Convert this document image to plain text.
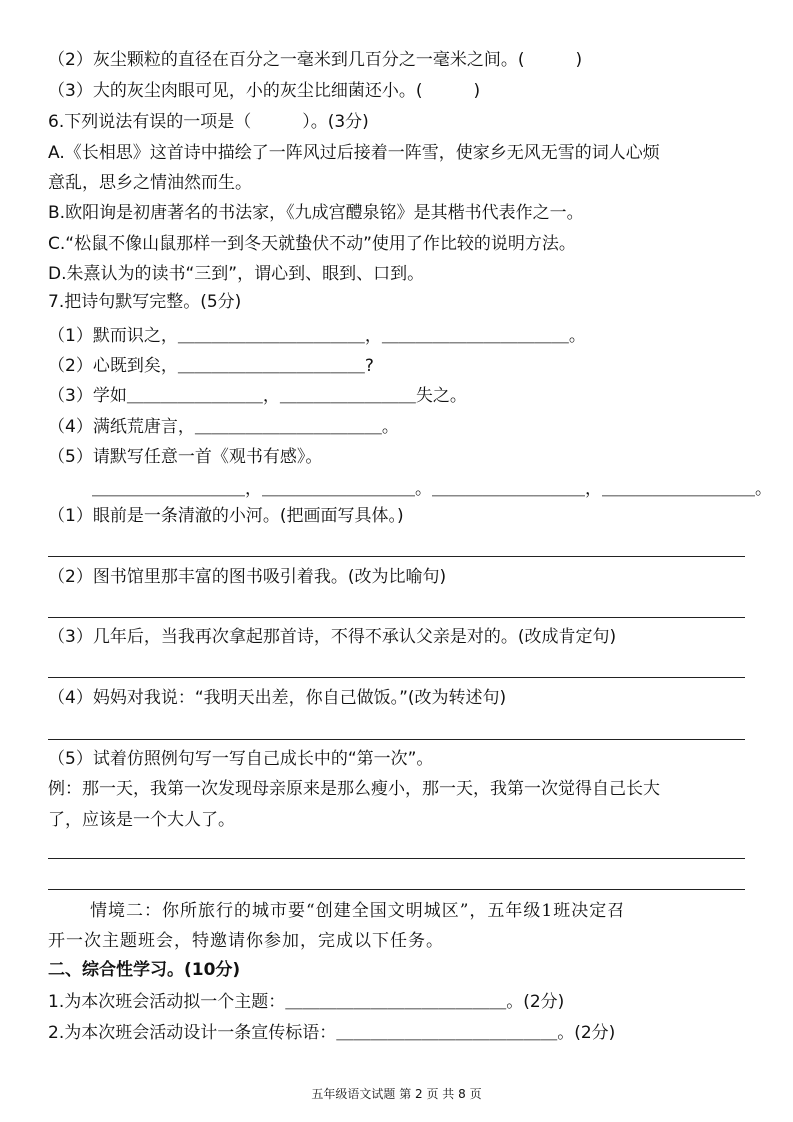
（2）灰尘颗粒的直径在百分之一毫米到几百分之一毫米之间。(　　　)
（3）大的灰尘肉眼可见，小的灰尘比细菌还小。(　　　)
6.下列说法有误的一项是（　　　）。(3分)
A.《长相思》这首诗中描绘了一阵风过后接着一阵雪，使家乡无风无雪的词人心烦
意乱，思乡之情油然而生。
B.欧阳询是初唐著名的书法家，《九成宫醴泉铭》是其楷书代表作之一。
C.“松鼠不像山鼠那样一到冬天就蛰伏不动”使用了作比较的说明方法。
D.朱熹认为的读书“三到”，谓心到、眼到、口到。
7.把诗句默写完整。(5分)
（1）默而识之，＿＿＿＿＿＿＿＿＿＿＿，＿＿＿＿＿＿＿＿＿＿＿。
（2）心既到矣，＿＿＿＿＿＿＿＿＿＿＿?
（3）学如＿＿＿＿＿＿＿＿，＿＿＿＿＿＿＿＿失之。
（4）满纸荒唐言，＿＿＿＿＿＿＿＿＿＿＿。
（5）请默写任意一首《观书有感》。
＿＿＿＿＿＿＿＿＿，＿＿＿＿＿＿＿＿＿。＿＿＿＿＿＿＿＿＿，＿＿＿＿＿＿＿＿＿。
（1）眼前是一条清澈的小河。(把画面写具体。)
（2）图书馆里那丰富的图书吸引着我。(改为比喻句)
（3）几年后，当我再次拿起那首诗，不得不承认父亲是对的。(改成肯定句)
（4）妈妈对我说：“我明天出差，你自己做饭。”(改为转述句)
（5）试着仿照例句写一写自己成长中的“第一次”。
例：那一天，我第一次发现母亲原来是那么瘦小，那一天，我第一次觉得自己长大
了，应该是一个大人了。
情境二：你所旅行的城市要“创建全国文明城区”，五年级1班决定召
开一次主题班会，特邀请你参加，完成以下任务。
二、综合性学习。(10分)
1.为本次班会活动拟一个主题：＿＿＿＿＿＿＿＿＿＿＿＿＿。(2分)
2.为本次班会活动设计一条宣传标语：＿＿＿＿＿＿＿＿＿＿＿＿＿。(2分)
五年级语文试题 第 2 页 共 8 页
